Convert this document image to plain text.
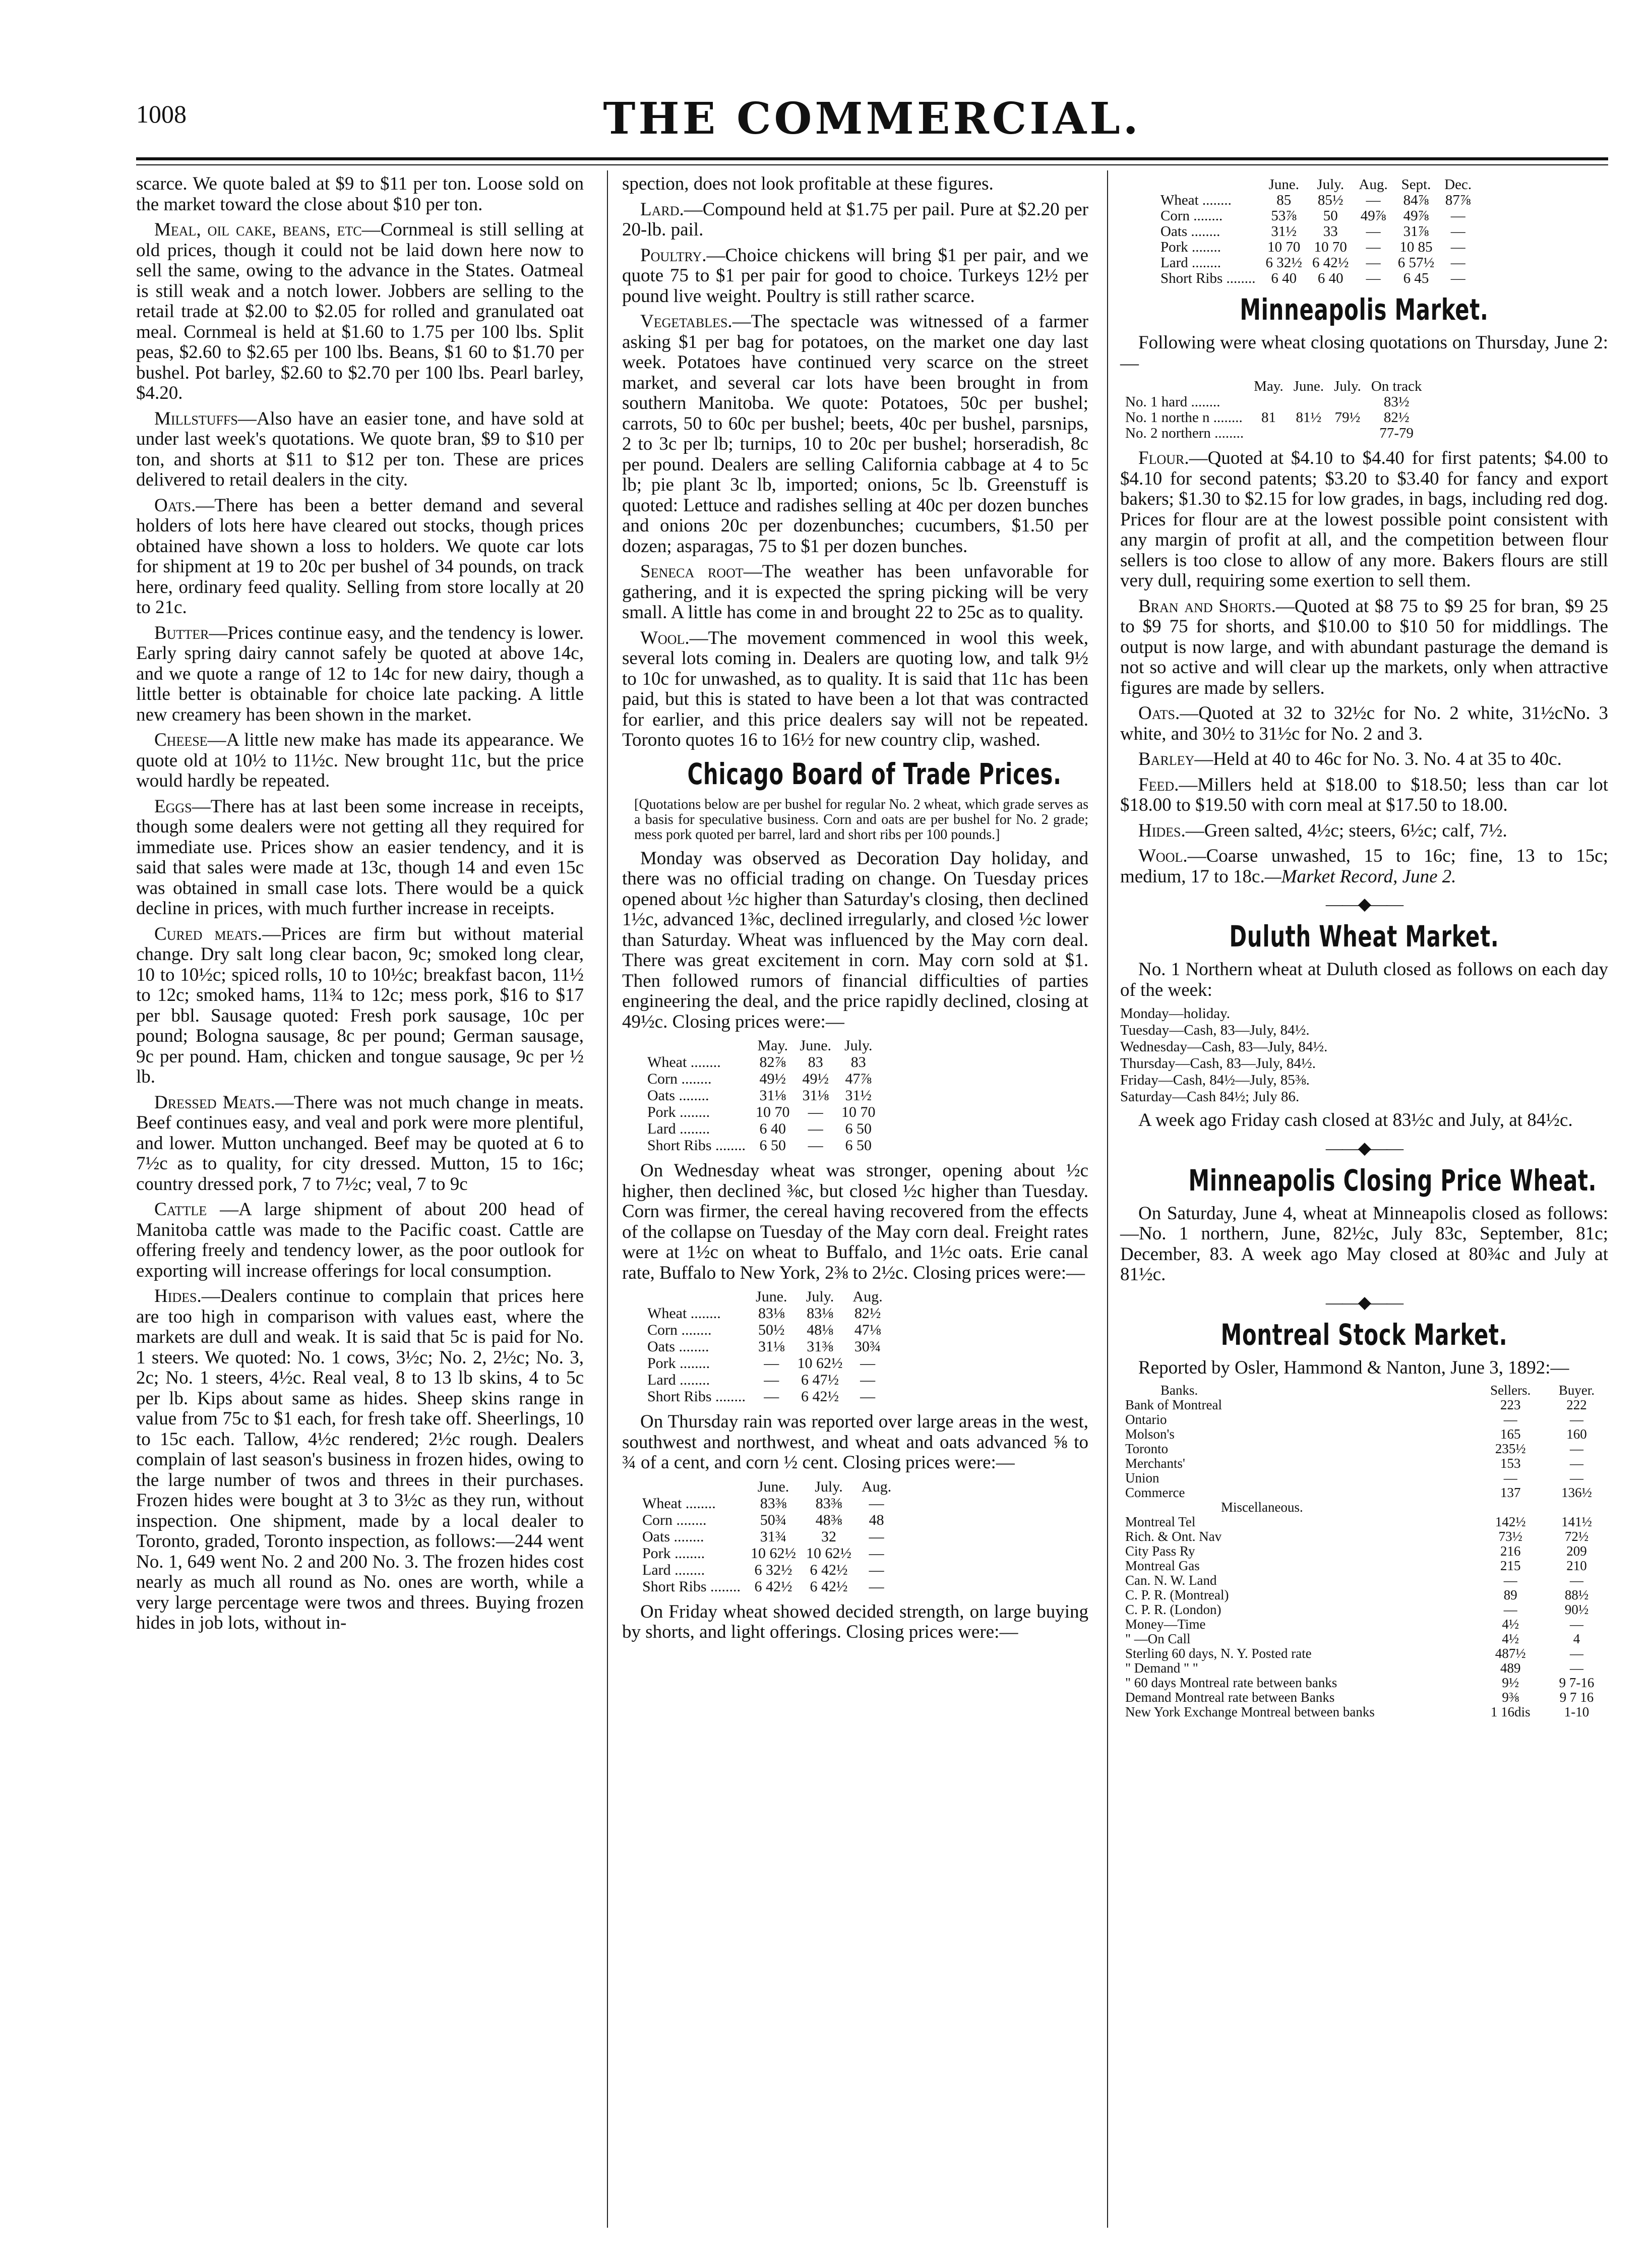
1008	THE COMMERCIAL.

scarce. We quote baled at $9 to $11 per ton. Loose sold on the market toward the close about $10 per ton.

Meal, oil cake, beans, etc—Cornmeal is still selling at old prices, though it could not be laid down here now to sell the same, owing to the advance in the States. Oatmeal is still weak and a notch lower. Jobbers are selling to the retail trade at $2.00 to $2.05 for rolled and granulated oat meal. Cornmeal is held at $1.60 to 1.75 per 100 lbs. Split peas, $2.60 to $2.65 per 100 lbs. Beans, $1 60 to $1.70 per bushel. Pot barley, $2.60 to $2.70 per 100 lbs. Pearl barley, $4.20.

Millstuffs—Also have an easier tone, and have sold at under last week's quotations. We quote bran, $9 to $10 per ton, and shorts at $11 to $12 per ton. These are prices delivered to retail dealers in the city.

Oats.—There has been a better demand and several holders of lots here have cleared out stocks, though prices obtained have shown a loss to holders. We quote car lots for shipment at 19 to 20c per bushel of 34 pounds, on track here, ordinary feed quality. Selling from store locally at 20 to 21c.

Butter—Prices continue easy, and the tendency is lower. Early spring dairy cannot safely be quoted at above 14c, and we quote a range of 12 to 14c for new dairy, though a little better is obtainable for choice late packing. A little new creamery has been shown in the market.

Cheese—A little new make has made its appearance. We quote old at 10½ to 11½c. New brought 11c, but the price would hardly be repeated.

Eggs—There has at last been some increase in receipts, though some dealers were not getting all they required for immediate use. Prices show an easier tendency, and it is said that sales were made at 13c, though 14 and even 15c was obtained in small case lots. There would be a quick decline in prices, with much further increase in receipts.

Cured meats.—Prices are firm but without material change. Dry salt long clear bacon, 9c; smoked long clear, 10 to 10½c; spiced rolls, 10 to 10½c; breakfast bacon, 11½ to 12c; smoked hams, 11¾ to 12c; mess pork, $16 to $17 per bbl. Sausage quoted: Fresh pork sausage, 10c per pound; Bologna sausage, 8c per pound; German sausage, 9c per pound. Ham, chicken and tongue sausage, 9c per ½ lb.

Dressed Meats.—There was not much change in meats. Beef continues easy, and veal and pork were more plentiful, and lower. Mutton unchanged. Beef may be quoted at 6 to 7½c as to quality, for city dressed. Mutton, 15 to 16c; country dressed pork, 7 to 7½c; veal, 7 to 9c

Cattle —A large shipment of about 200 head of Manitoba cattle was made to the Pacific coast. Cattle are offering freely and tendency lower, as the poor outlook for exporting will increase offerings for local consumption.

Hides.—Dealers continue to complain that prices here are too high in comparison with values east, where the markets are dull and weak. It is said that 5c is paid for No. 1 steers. We quoted: No. 1 cows, 3½c; No. 2, 2½c; No. 3, 2c; No. 1 steers, 4½c. Real veal, 8 to 13 lb skins, 4 to 5c per lb. Kips about same as hides. Sheep skins range in value from 75c to $1 each, for fresh take off. Sheerlings, 10 to 15c each. Tallow, 4½c rendered; 2½c rough. Dealers complain of last season's business in frozen hides, owing to the large number of twos and threes in their purchases. Frozen hides were bought at 3 to 3½c as they run, without inspection. One shipment, made by a local dealer to Toronto, graded, Toronto inspection, as follows:—244 went No. 1, 649 went No. 2 and 200 No. 3. The frozen hides cost nearly as much all round as No. ones are worth, while a very large percentage were twos and threes. Buying frozen hides in job lots, without in-

spection, does not look profitable at these figures.

Lard.—Compound held at $1.75 per pail. Pure at $2.20 per 20-lb. pail.

Poultry.—Choice chickens will bring $1 per pair, and we quote 75 to $1 per pair for good to choice. Turkeys 12½ per pound live weight. Poultry is still rather scarce.

Vegetables.—The spectacle was witnessed of a farmer asking $1 per bag for potatoes, on the market one day last week. Potatoes have continued very scarce on the street market, and several car lots have been brought in from southern Manitoba. We quote: Potatoes, 50c per bushel; carrots, 50 to 60c per bushel; beets, 40c per bushel, parsnips, 2 to 3c per lb; turnips, 10 to 20c per bushel; horseradish, 8c per pound. Dealers are selling California cabbage at 4 to 5c lb; pie plant 3c lb, imported; onions, 5c lb. Greenstuff is quoted: Lettuce and radishes selling at 40c per dozen bunches and onions 20c per dozenbunches; cucumbers, $1.50 per dozen; asparagas, 75 to $1 per dozen bunches.

Seneca root—The weather has been unfavorable for gathering, and it is expected the spring picking will be very small. A little has come in and brought 22 to 25c as to quality.

Wool.—The movement commenced in wool this week, several lots coming in. Dealers are quoting low, and talk 9½ to 10c for unwashed, as to quality. It is said that 11c has been paid, but this is stated to have been a lot that was contracted for earlier, and this price dealers say will not be repeated. Toronto quotes 16 to 16½ for new country clip, washed.

Chicago Board of Trade Prices.
[Quotations below are per bushel for regular No. 2 wheat, which grade serves as a basis for speculative business. Corn and oats are per bushel for No. 2 grade; mess pork quoted per barrel, lard and short ribs per 100 pounds.]

Monday was observed as Decoration Day holiday, and there was no official trading on change. On Tuesday prices opened about ½c higher than Saturday's closing, then declined 1½c, advanced 1⅜c, declined irregularly, and closed ½c lower than Saturday. Wheat was influenced by the May corn deal. There was great excitement in corn. May corn sold at $1. Then followed rumors of financial difficulties of parties engineering the deal, and the price rapidly declined, closing at 49½c. Closing prices were:—

	May.	June.	July.
Wheat ........	82⅞	83	83
Corn ........	49½	49½	47⅞
Oats ........	31⅛	31⅛	31½
Pork ........	10 70	—	10 70
Lard ........	6 40	—	6 50
Short Ribs ........	6 50	—	6 50

On Wednesday wheat was stronger, opening about ½c higher, then declined ⅜c, but closed ½c higher than Tuesday. Corn was firmer, the cereal having recovered from the effects of the collapse on Tuesday of the May corn deal. Freight rates were at 1½c on wheat to Buffalo, and 1½c oats. Erie canal rate, Buffalo to New York, 2⅜ to 2½c. Closing prices were:—

	June.	July.	Aug.
Wheat ........	83⅛	83⅛	82½
Corn ........	50½	48⅛	47⅛
Oats ........	31⅛	31⅜	30¾
Pork ........	—	10 62½	—
Lard ........	—	6 47½	—
Short Ribs ........	—	6 42½	—

On Thursday rain was reported over large areas in the west, southwest and northwest, and wheat and oats advanced ⅝ to ¾ of a cent, and corn ½ cent. Closing prices were:—

	June.	July.	Aug.
Wheat ........	83⅜	83⅜	—
Corn ........	50¾	48⅜	48
Oats ........	31¾	32	—
Pork ........	10 62½	10 62½	—
Lard ........	6 32½	6 42½	—
Short Ribs ........	6 42½	6 42½	—

On Friday wheat showed decided strength, on large buying by shorts, and light offerings. Closing prices were:—

	June.	July.	Aug.	Sept.	Dec.
Wheat ........	85	85½	—	84⅞	87⅞
Corn ........	53⅞	50	49⅞	49⅞	—
Oats ........	31½	33	—	31⅞	—
Pork ........	10 70	10 70	—	10 85	—
Lard ........	6 32½	6 42½	—	6 57½	—
Short Ribs ........	6 40	6 40	—	6 45	—
Minneapolis Market.

Following were wheat closing quotations on Thursday, June 2:—

	May.	June.	July.	On track
No. 1 hard ........				83½
No. 1 northe n ........	81	81½	79½	82½
No. 2 northern ........				77-79

Flour.—Quoted at $4.10 to $4.40 for first patents; $4.00 to $4.10 for second patents; $3.20 to $3.40 for fancy and export bakers; $1.30 to $2.15 for low grades, in bags, including red dog. Prices for flour are at the lowest possible point consistent with any margin of profit at all, and the competition between flour sellers is too close to allow of any more. Bakers flours are still very dull, requiring some exertion to sell them.

Bran and Shorts.—Quoted at $8 75 to $9 25 for bran, $9 25 to $9 75 for shorts, and $10.00 to $10 50 for middlings. The output is now large, and with abundant pasturage the demand is not so active and will clear up the markets, only when attractive figures are made by sellers.

Oats.—Quoted at 32 to 32½c for No. 2 white, 31½cNo. 3 white, and 30½ to 31½c for No. 2 and 3.

Barley—Held at 40 to 46c for No. 3. No. 4 at 35 to 40c.

Feed.—Millers held at $18.00 to $18.50; less than car lot $18.00 to $19.50 with corn meal at $17.50 to 18.00.

Hides.—Green salted, 4½c; steers, 6½c; calf, 7½.

Wool.—Coarse unwashed, 15 to 16c; fine, 13 to 15c; medium, 17 to 18c.—Market Record, June 2.

——◆——
Duluth Wheat Market.

No. 1 Northern wheat at Duluth closed as follows on each day of the week:

Monday—holiday.
Tuesday—Cash, 83—July, 84½.
Wednesday—Cash, 83—July, 84½.
Thursday—Cash, 83—July, 84½.
Friday—Cash, 84½—July, 85⅜.
Saturday—Cash 84½; July 86.

A week ago Friday cash closed at 83½c and July, at 84½c.

——◆——
Minneapolis Closing Price Wheat.

On Saturday, June 4, wheat at Minneapolis closed as follows:—No. 1 northern, June, 82½c, July 83c, September, 81c; December, 83. A week ago May closed at 80¾c and July at 81½c.

——◆——
Montreal Stock Market.

Reported by Osler, Hammond & Nanton, June 3, 1892:—

Banks.	Sellers.	Buyer.
Bank of Montreal	223	222
Ontario	—	—
Molson's	165	160
Toronto	235½	—
Merchants'	153	—
Union	—	—
Commerce	137	136½
Miscellaneous.		
Montreal Tel	142½	141½
Rich. & Ont. Nav	73½	72½
City Pass Ry	216	209
Montreal Gas	215	210
Can. N. W. Land	—	—
C. P. R. (Montreal)	89	88½
C. P. R. (London)	—	90½
Money—Time	4½	—
" —On Call	4½	4
Sterling 60 days, N. Y. Posted rate	487½	—
" Demand " "	489	—
" 60 days Montreal rate between banks	9½	9 7-16
Demand Montreal rate between Banks	9⅜	9 7 16
New York Exchange Montreal between banks	1 16dis	1-10
